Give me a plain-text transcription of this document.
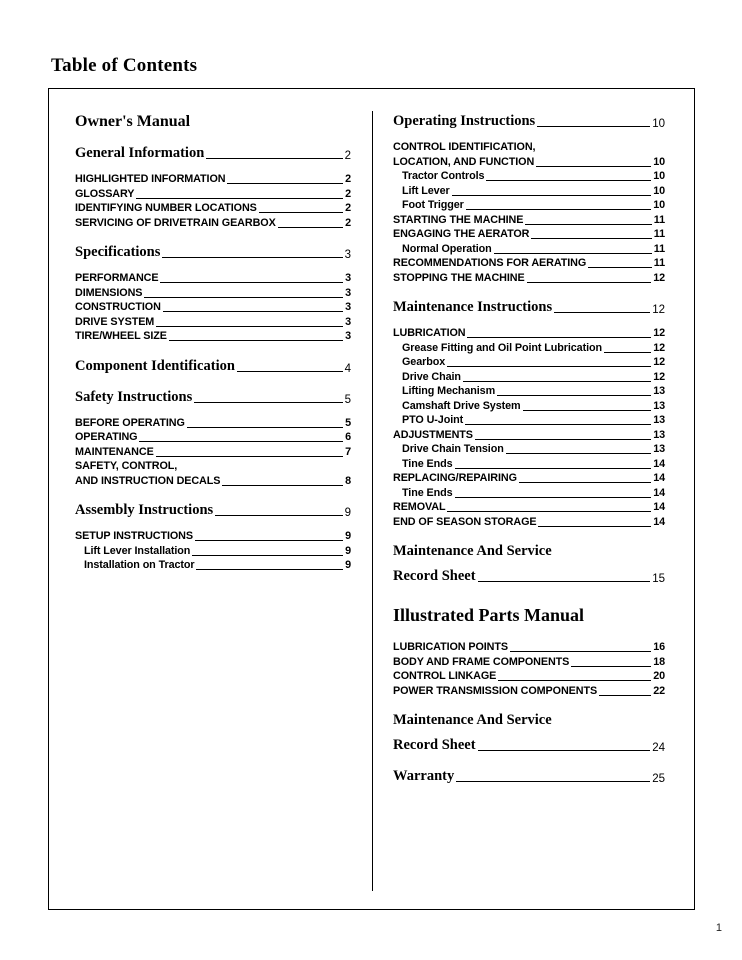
Table of Contents
Owner's Manual
General Information	2
HIGHLIGHTED INFORMATION	2
GLOSSARY	2
IDENTIFYING NUMBER LOCATIONS	2
SERVICING OF DRIVETRAIN GEARBOX	2
Specifications	3
PERFORMANCE	3
DIMENSIONS	3
CONSTRUCTION	3
DRIVE SYSTEM	3
TIRE/WHEEL SIZE	3
Component Identification	4
Safety Instructions	5
BEFORE OPERATING	5
OPERATING	6
MAINTENANCE	7
SAFETY, CONTROL,
AND INSTRUCTION DECALS	8
Assembly Instructions	9
SETUP INSTRUCTIONS	9
Lift Lever Installation	9
Installation on Tractor	9
Operating Instructions	10
CONTROL IDENTIFICATION,
LOCATION, AND FUNCTION	10
Tractor Controls	10
Lift Lever	10
Foot Trigger	10
STARTING THE MACHINE	11
ENGAGING THE AERATOR	11
Normal Operation	11
RECOMMENDATIONS FOR AERATING	11
STOPPING THE MACHINE	12
Maintenance Instructions	12
LUBRICATION	12
Grease Fitting and Oil Point Lubrication	12
Gearbox	12
Drive Chain	12
Lifting Mechanism	13
Camshaft Drive System	13
PTO U-Joint	13
ADJUSTMENTS	13
Drive Chain Tension	13
Tine Ends	14
REPLACING/REPAIRING	14
Tine Ends	14
REMOVAL	14
END OF SEASON STORAGE	14
Maintenance And Service
Record Sheet	15
Illustrated Parts Manual
LUBRICATION POINTS	16
BODY AND FRAME COMPONENTS	18
CONTROL LINKAGE	20
POWER TRANSMISSION COMPONENTS	22
Maintenance And Service
Record Sheet	24
Warranty	25
1
